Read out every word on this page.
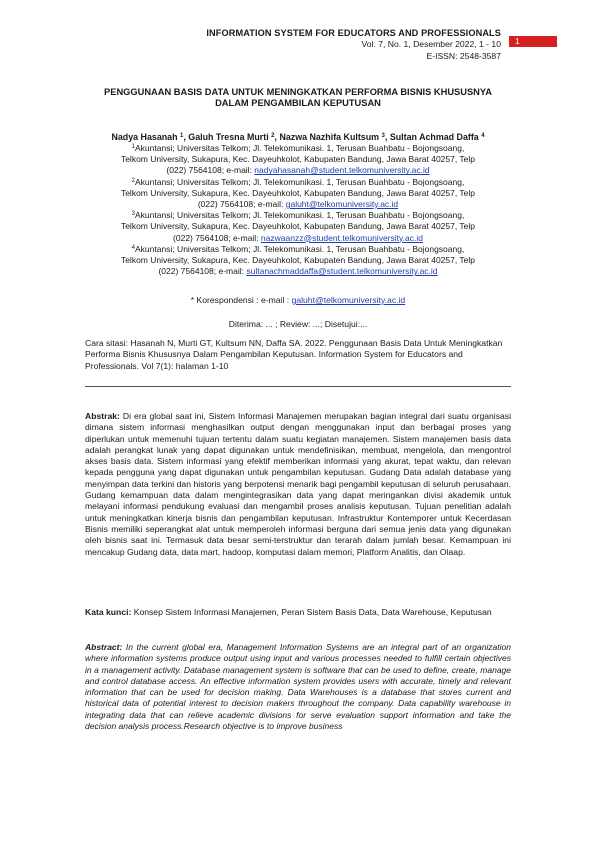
INFORMATION SYSTEM FOR EDUCATORS AND PROFESSIONALS
Vol. 7, No. 1, Desember 2022, 1 - 10
E-ISSN: 2548-3587
1
PENGGUNAAN BASIS DATA UNTUK MENINGKATKAN PERFORMA BISNIS KHUSUSNYA
DALAM PENGAMBILAN KEPUTUSAN
Nadya Hasanah $^1$, Galuh Tresna Murti $^2$, Nazwa Nazhifa Kultsum $^3$, Sultan Achmad Daffa $^4$
$^1$Akuntansi; Universitas Telkom; Jl. Telekomunikasi. 1, Terusan Buahbatu - Bojongsoang,
Telkom University, Sukapura, Kec. Dayeuhkolot, Kabupaten Bandung, Jawa Barat 40257, Telp
(022) 7564108; e-mail: nadyahasanah@student.telkomuniversity.ac.id
$^2$Akuntansi; Universitas Telkom; Jl. Telekomunikasi. 1, Terusan Buahbatu - Bojongsoang,
Telkom University, Sukapura, Kec. Dayeuhkolot, Kabupaten Bandung, Jawa Barat 40257, Telp
(022) 7564108; e-mail: galuht@telkomuniversity.ac.id
$^3$Akuntansi; Universitas Telkom; Jl. Telekomunikasi. 1, Terusan Buahbatu - Bojongsoang,
Telkom University, Sukapura, Kec. Dayeuhkolot, Kabupaten Bandung, Jawa Barat 40257, Telp
(022) 7564108; e-mail: nazwaanzz@student.telkomuniversity.ac.id
$^4$Akuntansi; Universitas Telkom; Jl. Telekomunikasi. 1, Terusan Buahbatu - Bojongsoang,
Telkom University, Sukapura, Kec. Dayeuhkolot, Kabupaten Bandung, Jawa Barat 40257, Telp
(022) 7564108; e-mail: sultanachmaddaffa@student.telkomuniversity.ac.id
* Korespondensi : e-mail : galuht@telkomuniversity.ac.id
Diterima: ... ; Review: ...; Disetujui:...
Cara sitasi: Hasanah N, Murti GT, Kultsum NN, Daffa SA. 2022. Penggunaan Basis Data Untuk Meningkatkan Performa Bisnis Khususnya Dalam Pengambilan Keputusan. Information System for Educators and Professionals. Vol 7(1): halaman 1-10
Abstrak: Di era global saat ini, Sistem Informasi Manajemen merupakan bagian integral dari suatu organisasi dimana sistem informasi menghasilkan output dengan menggunakan input dan berbagai proses yang diperlukan untuk memenuhi tujuan tertentu dalam suatu kegiatan manajemen. Sistem manajemen basis data adalah perangkat lunak yang dapat digunakan untuk mendefinisikan, membuat, mengelola, dan mengontrol akses basis data. Sistem informasi yang efektif memberikan informasi yang akurat, tepat waktu, dan relevan kepada pengguna yang dapat digunakan untuk pengambilan keputusan. Gudang Data adalah database yang menyimpan data terkini dan historis yang berpotensi menarik bagi pengambil keputusan di seluruh perusahaan. Gudang kemampuan data dalam mengintegrasikan data yang dapat meringankan divisi akademik untuk melayani informasi pendukung evaluasi dan mengambil proses analisis keputusan. Tujuan penelitian adalah untuk meningkatkan kinerja bisnis dan pengambilan keputusan. Infrastruktur Kontemporer untuk Kecerdasan Bisnis memiliki seperangkat alat untuk memperoleh informasi berguna dari semua jenis data yang digunakan oleh bisnis saat ini. Termasuk data besar semi-terstruktur dan terarah dalam jumlah besar. Kemampuan ini mencakup Gudang data, data mart, hadoop, komputasi dalam memori, Platform Analitis, dan Olaap.
Kata kunci: Konsep Sistem Informasi Manajemen, Peran Sistem Basis Data, Data Warehouse, Keputusan
Abstract: In the current global era, Management Information Systems are an integral part of an organization where information systems produce output using input and various processes needed to fulfill certain objectives in a management activity. Database management system is software that can be used to define, create, manage and control database access. An effective information system provides users with accurate, timely and relevant information that can be used for decision making. Data Warehouses is a database that stores current and historical data of potential interest to decision makers throughout the company. Data capability warehouse in integrating data that can relieve academic divisions for serve evaluation support information and take the decision analysis process.Research objective is to improve business
